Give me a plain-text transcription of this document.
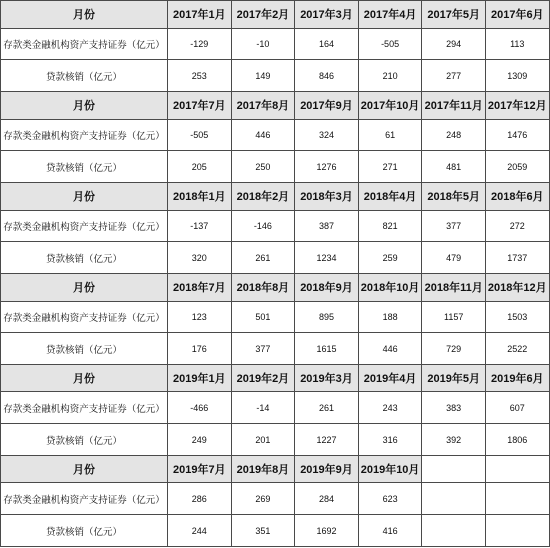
月份	2017年1月	2017年2月	2017年3月	2017年4月	2017年5月	2017年6月
存款类金融机构资产支持证券（亿元）	-129	-10	164	-505	294	113
贷款核销（亿元）	253	149	846	210	277	1309
月份	2017年7月	2017年8月	2017年9月	2017年10月	2017年11月	2017年12月
存款类金融机构资产支持证券（亿元）	-505	446	324	61	248	1476
贷款核销（亿元）	205	250	1276	271	481	2059
月份	2018年1月	2018年2月	2018年3月	2018年4月	2018年5月	2018年6月
存款类金融机构资产支持证券（亿元）	-137	-146	387	821	377	272
贷款核销（亿元）	320	261	1234	259	479	1737
月份	2018年7月	2018年8月	2018年9月	2018年10月	2018年11月	2018年12月
存款类金融机构资产支持证券（亿元）	123	501	895	188	1157	1503
贷款核销（亿元）	176	377	1615	446	729	2522
月份	2019年1月	2019年2月	2019年3月	2019年4月	2019年5月	2019年6月
存款类金融机构资产支持证券（亿元）	-466	-14	261	243	383	607
贷款核销（亿元）	249	201	1227	316	392	1806
月份	2019年7月	2019年8月	2019年9月	2019年10月		
存款类金融机构资产支持证券（亿元）	286	269	284	623		
贷款核销（亿元）	244	351	1692	416		
